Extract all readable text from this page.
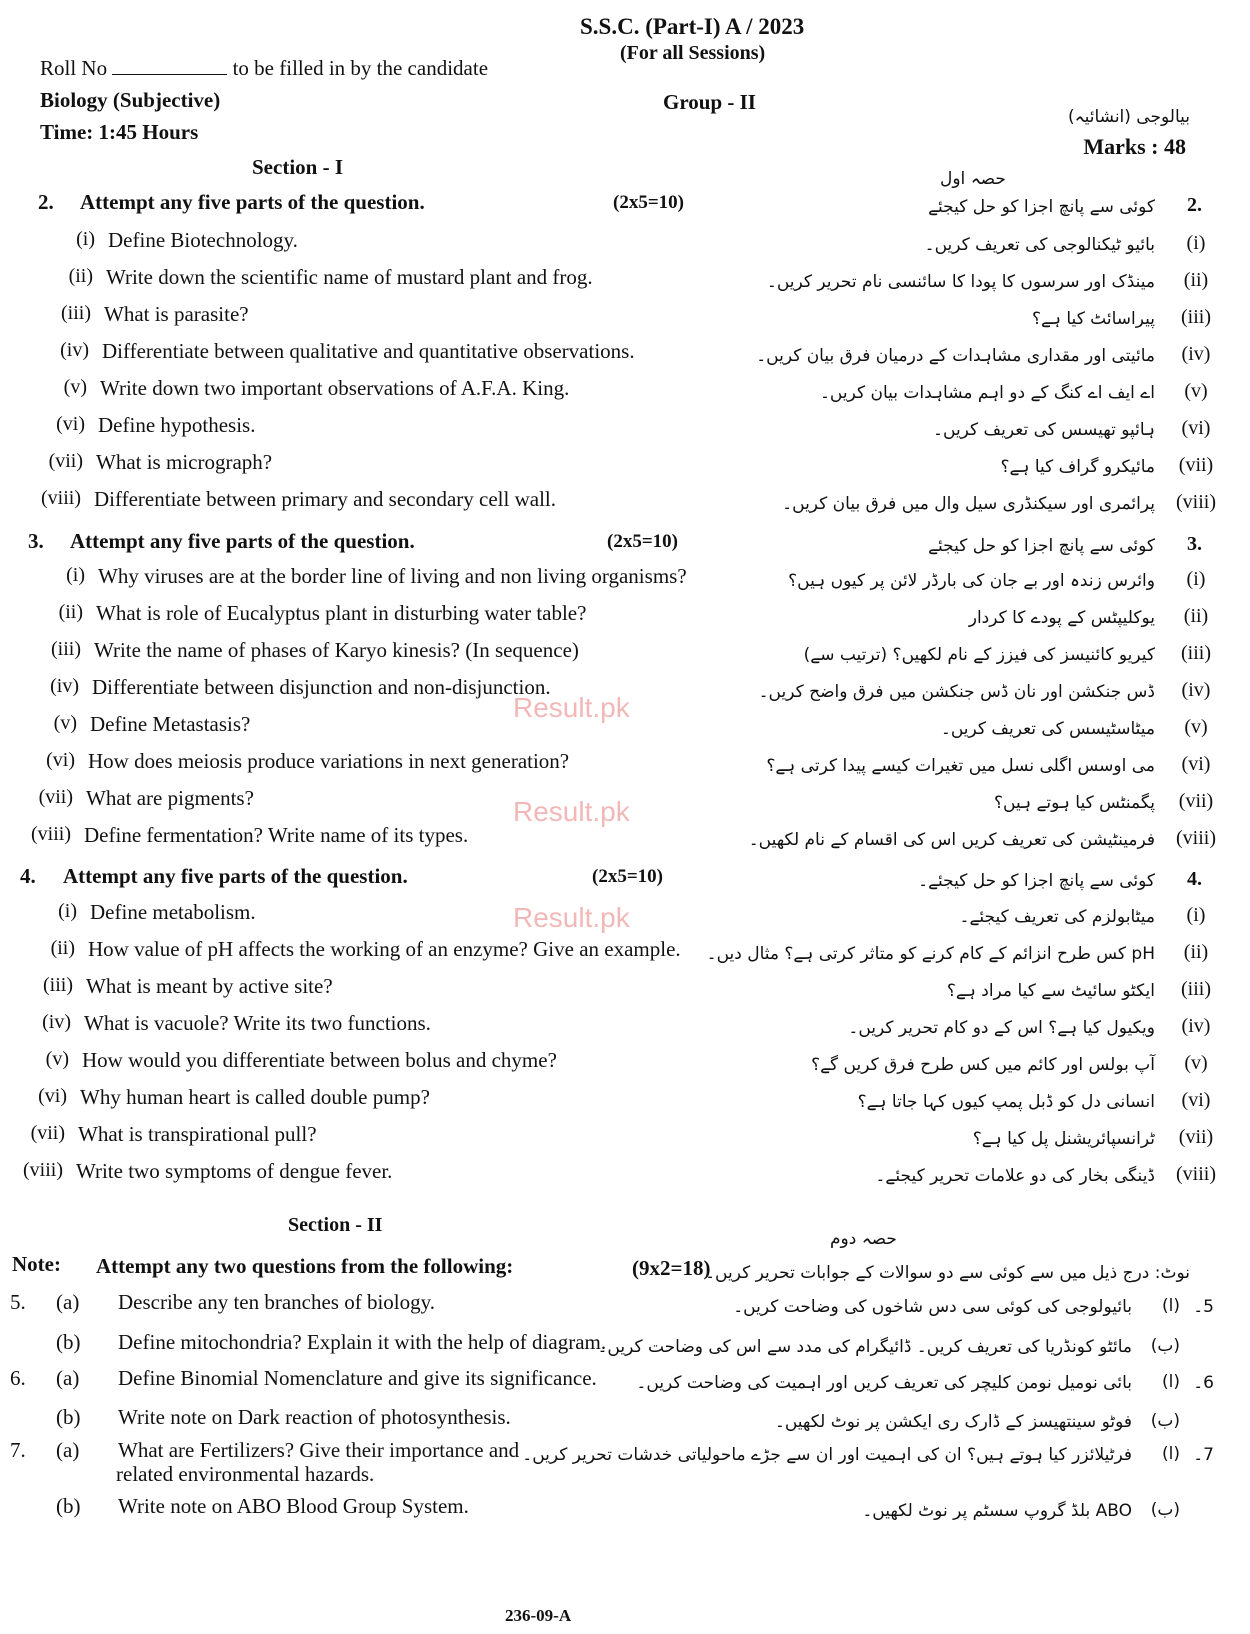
S.S.C. (Part-I) A / 2023
(For all Sessions)
Roll No	to be filled in by the candidate
Biology (Subjective)	Group - II
Time: 1:45 Hours
بیالوجی (انشائیہ)
Marks : 48
Section - I	حصہ اول
2. Attempt any five parts of the question.	(2x5=10)	کوئی سے پانچ اجزا کو حل کیجئے 2.
(i) Define Biotechnology.	بائیو ٹیکنالوجی کی تعریف کریں۔	(i)
(ii) Write down the scientific name of mustard plant and frog.	مینڈک اور سرسوں کا پودا کا سائنسی نام تحریر کریں۔	(ii)
(iii) What is parasite?	پیراسائٹ کیا ہے؟	(iii)
(iv) Differentiate between qualitative and quantitative observations.	مائیتی اور مقداری مشاہدات کے درمیان فرق بیان کریں۔	(iv)
(v) Write down two important observations of A.F.A. King.	اے ایف اے کنگ کے دو اہم مشاہدات بیان کریں۔	(v)
(vi) Define hypothesis.	ہائپو تھیسس کی تعریف کریں۔	(vi)
(vii) What is micrograph?	مائیکرو گراف کیا ہے؟	(vii)
(viii) Differentiate between primary and secondary cell wall.	پرائمری اور سیکنڈری سیل وال میں فرق بیان کریں۔	(viii)
3. Attempt any five parts of the question.	(2x5=10)	کوئی سے پانچ اجزا کو حل کیجئے 3.
(i) Why viruses are at the border line of living and non living organisms?	وائرس زندہ اور بے جان کی بارڈر لائن پر کیوں ہیں؟	(i)
(ii) What is role of Eucalyptus plant in disturbing water table?	یوکلیپٹس کے پودے کا کردار	(ii)
(iii) Write the name of phases of Karyo kinesis? (In sequence)	کیریو کائنیسز کی فیزز کے نام لکھیں؟ (ترتیب سے)	(iii)
(iv) Differentiate between disjunction and non-disjunction.	ڈس جنکشن اور نان ڈس جنکشن میں فرق واضح کریں۔	(iv)
(v) Define Metastasis?	میٹاسٹیسس کی تعریف کریں۔	(v)
(vi) How does meiosis produce variations in next generation?	می اوسس اگلی نسل میں تغیرات کیسے پیدا کرتی ہے؟	(vi)
(vii) What are pigments?	پگمنٹس کیا ہوتے ہیں؟	(vii)
(viii) Define fermentation? Write name of its types.	فرمینٹیشن کی تعریف کریں اس کی اقسام کے نام لکھیں۔	(viii)
4. Attempt any five parts of the question.	(2x5=10)	کوئی سے پانچ اجزا کو حل کیجئے۔ 4.
(i) Define metabolism.	میٹابولزم کی تعریف کیجئے۔	(i)
(ii) How value of pH affects the working of an enzyme? Give an example. pH کس طرح انزائم کے کام کرنے کو متاثر کرتی ہے؟ مثال دیں۔	(ii)
(iii) What is meant by active site?	ایکٹو سائیٹ سے کیا مراد ہے؟	(iii)
(iv) What is vacuole? Write its two functions.	ویکیول کیا ہے؟ اس کے دو کام تحریر کریں۔	(iv)
(v) How would you differentiate between bolus and chyme?	آپ بولس اور کائم میں کس طرح فرق کریں گے؟	(v)
(vi) Why human heart is called double pump?	انسانی دل کو ڈبل پمپ کیوں کہا جاتا ہے؟	(vi)
(vii) What is transpirational pull?	ٹرانسپائریشنل پل کیا ہے؟	(vii)
(viii) Write two symptoms of dengue fever.	ڈینگی بخار کی دو علامات تحریر کیجئے۔	(viii)
Result.pk
Result.pk
Result.pk
Section - II
حصہ دوم
Note: Attempt any two questions from the following:	(9x2=18)
نوٹ: درج ذیل میں سے کوئی سے دو سوالات کے جوابات تحریر کریں۔
5. (a) Describe any ten branches of biology.	بائیولوجی کی کوئی سی دس شاخوں کی وضاحت کریں۔ (ا) 5۔
(b) Define mitochondria? Explain it with the help of diagram.
مائٹو کونڈریا کی تعریف کریں۔ ڈائیگرام کی مدد سے اس کی وضاحت کریں۔ (ب)
6. (a) Define Binomial Nomenclature and give its significance. بائی نومیل نومن کلیچر کی تعریف کریں اور اہمیت کی وضاحت کریں۔ (ا) 6۔
(b) Write note on Dark reaction of photosynthesis.	فوٹو سینتھیسز کے ڈارک ری ایکشن پر نوٹ لکھیں۔ (ب)
7. (a) What are Fertilizers? Give their importance and
related environmental hazards.
فرٹیلائزر کیا ہوتے ہیں؟ ان کی اہمیت اور ان سے جڑے ماحولیاتی خدشات تحریر کریں۔ (ا) 7۔
(b) Write note on ABO Blood Group System.	ABO بلڈ گروپ سسٹم پر نوٹ لکھیں۔ (ب)
236-09-A
